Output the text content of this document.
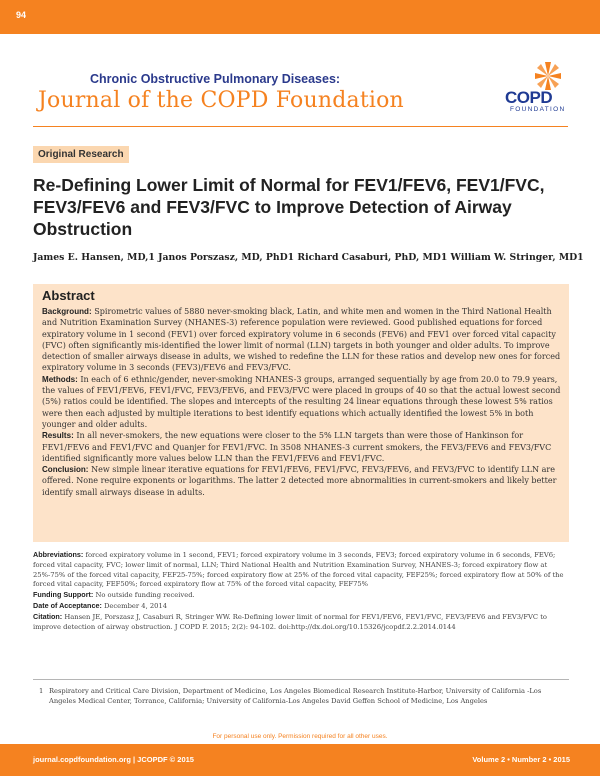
94
Chronic Obstructive Pulmonary Diseases:
Journal of the COPD Foundation	COPD
FOUNDATION
Original Research
Re-Defining Lower Limit of Normal for FEV1/FEV6, FEV1/FVC,
FEV3/FEV6 and FEV3/FVC to Improve Detection of Airway
Obstruction
James E. Hansen, MD,1 Janos Porszasz, MD, PhD1 Richard Casaburi, PhD, MD1 William W. Stringer, MD1
Abstract

Background: Spirometric values of 5880 never-smoking black, Latin, and white men and women in the Third National Health and Nutrition Examination Survey (NHANES-3) reference population were reviewed. Good published equations for forced expiratory volume in 1 second (FEV1) over forced expiratory volume in 6 seconds (FEV6) and FEV1 over forced vital capacity (FVC) often significantly mis-identified the lower limit of normal (LLN) targets in both younger and older adults. To improve detection of smaller airways disease in adults, we wished to redefine the LLN for these ratios and develop new ones for forced expiratory volume in 3 seconds (FEV3)/FEV6 and FEV3/FVC.

Methods: In each of 6 ethnic/gender, never-smoking NHANES-3 groups, arranged sequentially by age from 20.0 to 79.9 years, the values of FEV1/FEV6, FEV1/FVC, FEV3/FEV6, and FEV3/FVC were placed in groups of 40 so that the actual lowest second (5%) ratios could be identified. The slopes and intercepts of the resulting 24 linear equations through these lowest 5% ratios were then each adjusted by multiple iterations to best identify equations which actually identified the lowest 5% in both younger and older adults.

Results: In all never-smokers, the new equations were closer to the 5% LLN targets than were those of Hankinson for FEV1/FEV6 and FEV1/FVC and Quanjer for FEV1/FVC. In 3508 NHANES-3 current smokers, the FEV3/FEV6 and FEV3/FVC identified significantly more values below LLN than the FEV1/FEV6 and FEV1/FVC.

Conclusion: New simple linear iterative equations for FEV1/FEV6, FEV1/FVC, FEV3/FEV6, and FEV3/FVC to identify LLN are offered. None require exponents or logarithms. The latter 2 detected more abnormalities in current-smokers and likely better identify small airways disease in adults.

Abbreviations: forced expiratory volume in 1 second, FEV1; forced expiratory volume in 3 seconds, FEV3; forced expiratory volume in 6 seconds, FEV6; forced vital capacity, FVC; lower limit of normal, LLN; Third National Health and Nutrition Examination Survey, NHANES-3; forced expiratory flow at 25%-75% of the forced vital capacity, FEF25-75%; forced expiratory flow at 25% of the forced vital capacity, FEF25%; forced expiratory flow at 50% of the forced vital capacity, FEF50%; forced expiratory flow at 75% of the forced vital capacity, FEF75%

Funding Support: No outside funding received.

Date of Acceptance: December 4, 2014

Citation: Hansen JE, Porszasz J, Casaburi R, Stringer WW. Re-Defining lower limit of normal for FEV1/FEV6, FEV1/FVC, FEV3/FEV6 and FEV3/FVC to improve detection of airway obstruction. J COPD F. 2015; 2(2): 94-102. doi:http://dx.doi.org/10.15326/jcopdf.2.2.2014.0144

1 Respiratory and Critical Care Division, Department of Medicine, Los Angeles Biomedical Research Institute-Harbor, University of California -Los Angeles Medical Center, Torrance, California; University of California-Los Angeles David Geffen School of Medicine, Los Angeles
For personal use only. Permission required for all other uses.
journal.copdfoundation.org | JCOPDF © 2015	Volume 2 • Number 2 • 2015
